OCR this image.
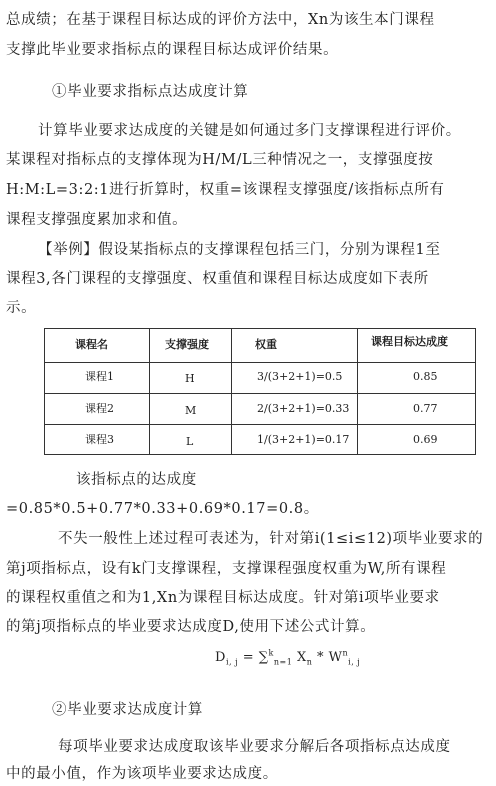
总成绩；在基于课程目标达成的评价方法中，Xn为该生本门课程
支撑此毕业要求指标点的课程目标达成评价结果。
①毕业要求指标点达成度计算
计算毕业要求达成度的关键是如何通过多门支撑课程进行评价。
某课程对指标点的支撑体现为H/M/L三种情况之一，支撑强度按
H:M:L=3:2:1进行折算时，权重=该课程支撑强度/该指标点所有
课程支撑强度累加求和值。
【举例】假设某指标点的支撑课程包括三门，分别为课程1至
课程3,各门课程的支撑强度、权重值和课程目标达成度如下表所
示。
课程名	支撑强度	权重	课程目标达成度
课程1	H	3/(3+2+1)=0.5	0.85
课程2	M	2/(3+2+1)=0.33	0.77
课程3	L	1/(3+2+1)=0.17	0.69
该指标点的达成度
=0.85*0.5+0.77*0.33+0.69*0.17=0.8。
不失一般性上述过程可表述为，针对第i(1≤i≤12)项毕业要求的
第j项指标点，设有k门支撑课程，支撑课程强度权重为W,所有课程
的课程权重值之和为1,Xn为课程目标达成度。针对第i项毕业要求
的第j项指标点的毕业要求达成度D,使用下述公式计算。
$D_{i, j} = \sum^k_{n=1}$ $X_n * W^n_{i, j}$
②毕业要求达成度计算
每项毕业要求达成度取该毕业要求分解后各项指标点达成度
中的最小值，作为该项毕业要求达成度。
